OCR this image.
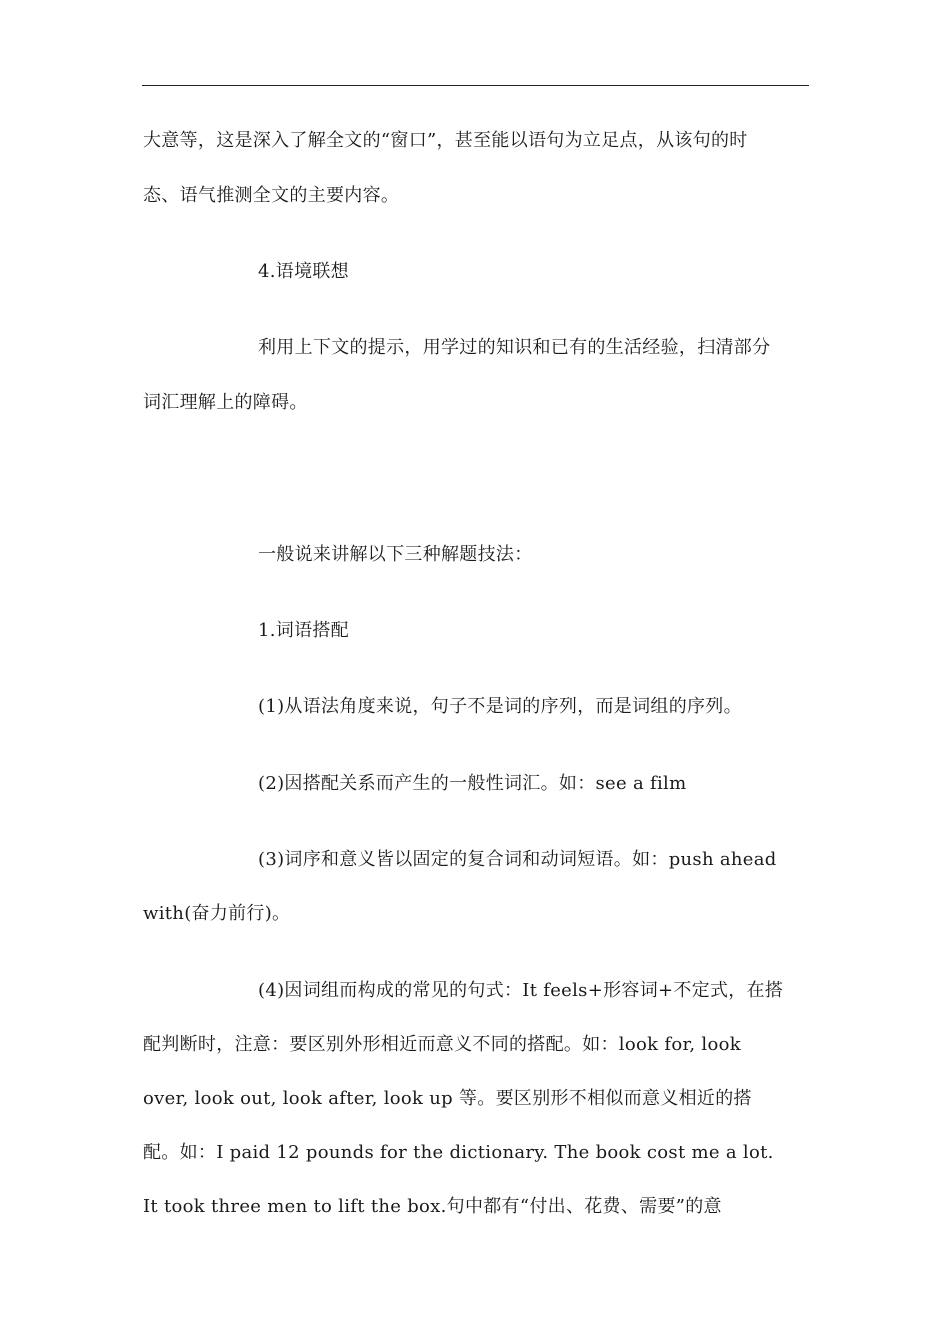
大意等，这是深入了解全文的“窗口”，甚至能以语句为立足点，从该句的时
态、语气推测全文的主要内容。
4.语境联想
利用上下文的提示，用学过的知识和已有的生活经验，扫清部分
词汇理解上的障碍。
一般说来讲解以下三种解题技法：
1.词语搭配
(1)从语法角度来说，句子不是词的序列，而是词组的序列。
(2)因搭配关系而产生的一般性词汇。如：see a film
(3)词序和意义皆以固定的复合词和动词短语。如：push ahead
with(奋力前行)。
(4)因词组而构成的常见的句式：It feels+形容词+不定式，在搭
配判断时，注意：要区别外形相近而意义不同的搭配。如：look for, look
over, look out, look after, look up 等。要区别形不相似而意义相近的搭
配。如：I paid 12 pounds for the dictionary. The book cost me a lot.
It took three men to lift the box.句中都有“付出、花费、需要”的意
